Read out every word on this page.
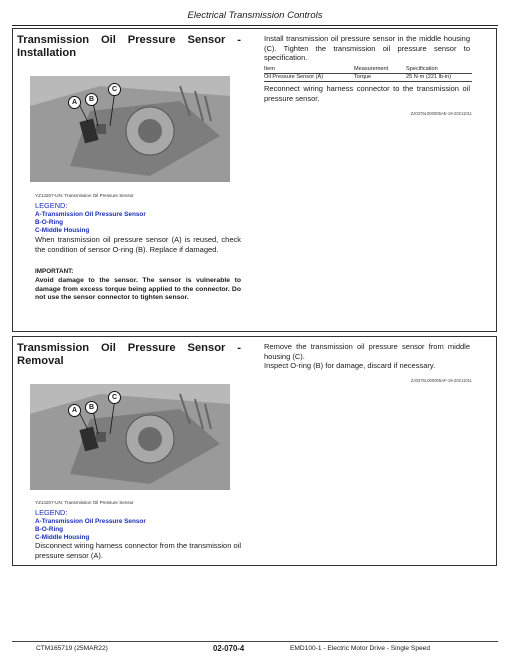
Electrical Transmission Controls
Transmission Oil Pressure Sensor - Installation
A	B
C
YZ14207-UN: Transmission Oil Pressure Sensor
LEGEND:
A-Transmission Oil Pressure Sensor
B-O-Ring
C-Middle Housing
When transmission oil pressure sensor (A) is reused, check the condition of sensor O-ring (B). Replace if damaged.
IMPORTANT:
Avoid damage to the sensor. The sensor is vulnerable to damage from excess torque being applied to the connector. Do not use the sensor connector to tighten sensor.
Install transmission oil pressure sensor in the middle housing (C). Tighten the transmission oil pressure sensor to specification.
Item	Measurement	Specification
Oil Pressure Sensor (A)	Torque	25 N·m (221 lb-in)
Reconnect wiring harness connector to the transmission oil pressure sensor.
ZJ0376L000005AE-19-20211011
Transmission Oil Pressure Sensor - Removal
A	B
C
YZ14207-UN: Transmission Oil Pressure Sensor
LEGEND:
A-Transmission Oil Pressure Sensor
B-O-Ring
C-Middle Housing
Disconnect wiring harness connector from the transmission oil pressure sensor (A).
Remove the transmission oil pressure sensor from middle housing (C).
Inspect O-ring (B) for damage, discard if necessary.
ZJ0376L000005AF-19-20211011
CTM165719 (25MAR22)	02-070-4	EMD100-1 - Electric Motor Drive - Single Speed
